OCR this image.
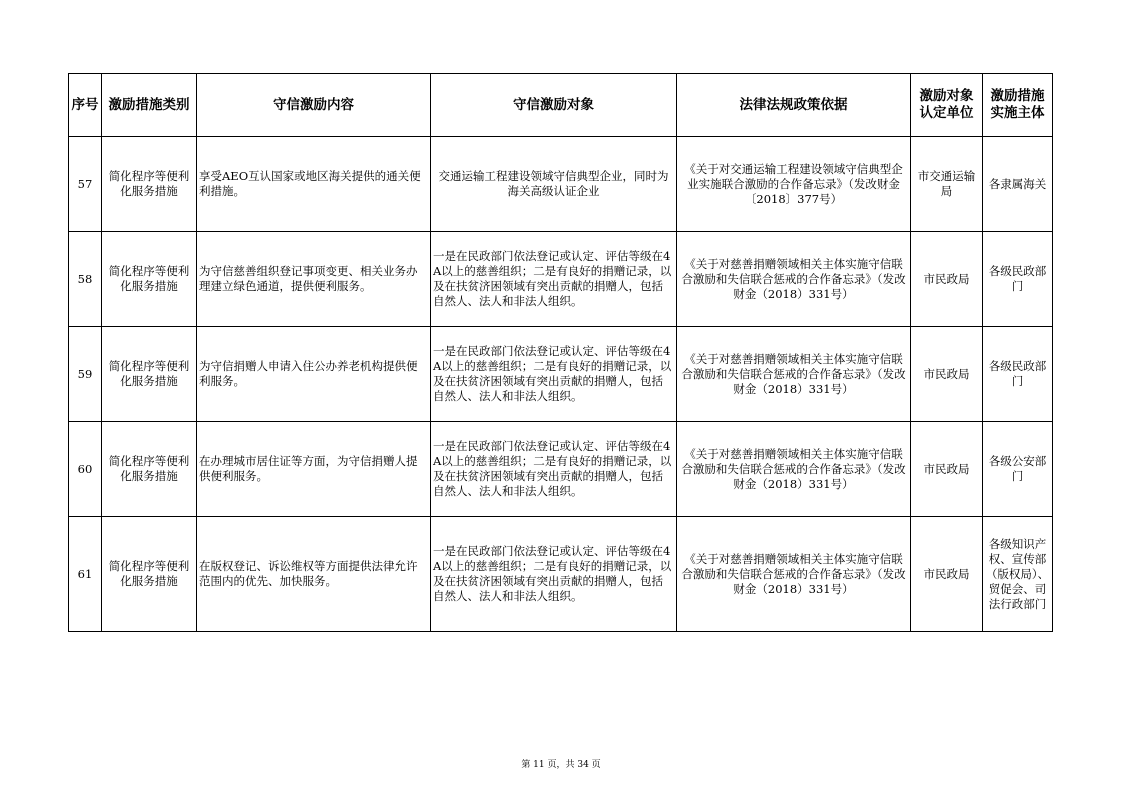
序号	激励措施类别	守信激励内容	守信激励对象	法律法规政策依据	激励对象认定单位	激励措施实施主体
57	简化程序等便利化服务措施	享受AEO互认国家或地区海关提供的通关便利措施。	交通运输工程建设领域守信典型企业，同时为海关高级认证企业	《关于对交通运输工程建设领域守信典型企业实施联合激励的合作备忘录》（发改财金〔2018〕377号）	市交通运输局	各隶属海关
58	简化程序等便利化服务措施	为守信慈善组织登记事项变更、相关业务办理建立绿色通道，提供便利服务。	一是在民政部门依法登记或认定、评估等级在4A以上的慈善组织；二是有良好的捐赠记录，以及在扶贫济困领域有突出贡献的捐赠人，包括自然人、法人和非法人组织。	《关于对慈善捐赠领域相关主体实施守信联合激励和失信联合惩戒的合作备忘录》（发改财金（2018）331号）	市民政局	各级民政部门
59	简化程序等便利化服务措施	为守信捐赠人申请入住公办养老机构提供便利服务。	一是在民政部门依法登记或认定、评估等级在4A以上的慈善组织；二是有良好的捐赠记录，以及在扶贫济困领域有突出贡献的捐赠人，包括自然人、法人和非法人组织。	《关于对慈善捐赠领域相关主体实施守信联合激励和失信联合惩戒的合作备忘录》（发改财金（2018）331号）	市民政局	各级民政部门
60	简化程序等便利化服务措施	在办理城市居住证等方面，为守信捐赠人提供便利服务。	一是在民政部门依法登记或认定、评估等级在4A以上的慈善组织；二是有良好的捐赠记录，以及在扶贫济困领域有突出贡献的捐赠人，包括自然人、法人和非法人组织。	《关于对慈善捐赠领域相关主体实施守信联合激励和失信联合惩戒的合作备忘录》（发改财金（2018）331号）	市民政局	各级公安部门
61	简化程序等便利化服务措施	在版权登记、诉讼维权等方面提供法律允许范围内的优先、加快服务。	一是在民政部门依法登记或认定、评估等级在4A以上的慈善组织；二是有良好的捐赠记录，以及在扶贫济困领域有突出贡献的捐赠人，包括自然人、法人和非法人组织。	《关于对慈善捐赠领域相关主体实施守信联合激励和失信联合惩戒的合作备忘录》（发改财金（2018）331号）	市民政局	各级知识产权、宣传部（版权局）、贸促会、司法行政部门
第 11 页，共 34 页
